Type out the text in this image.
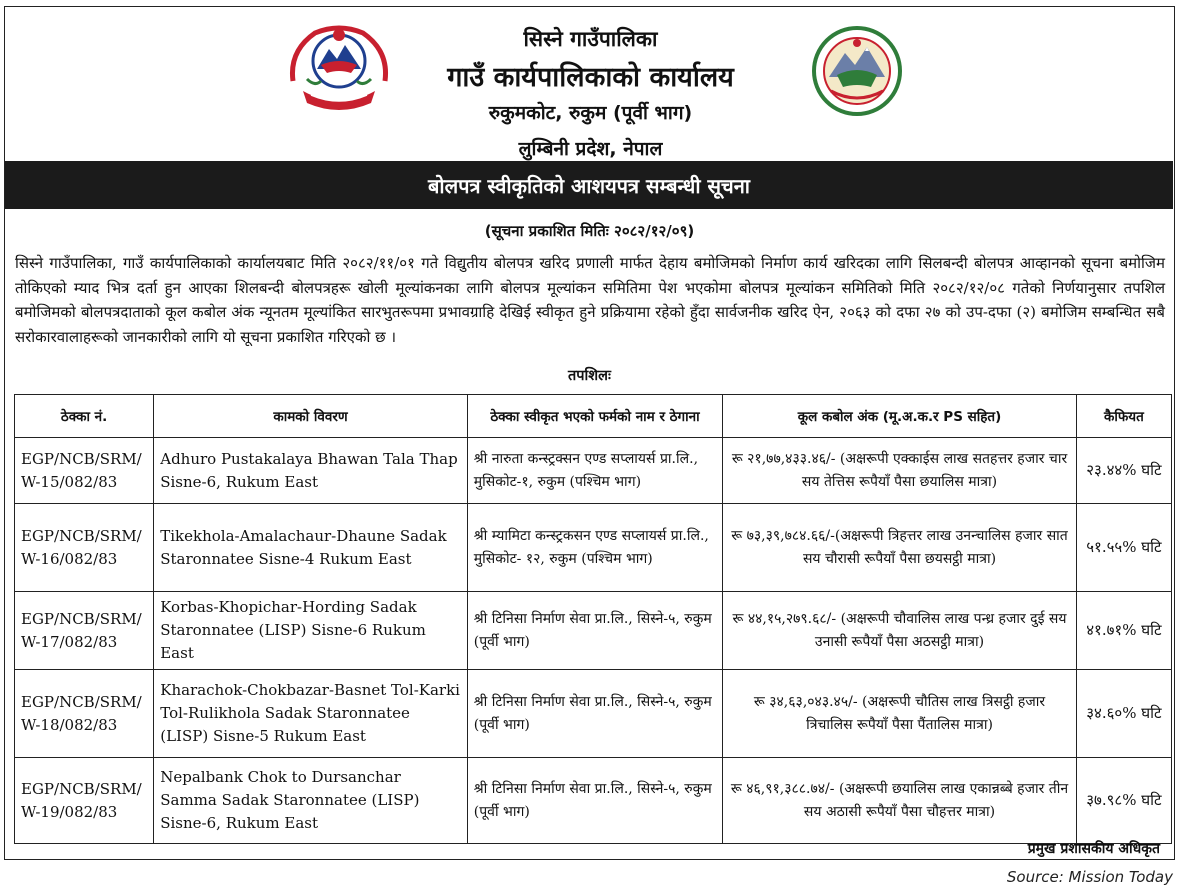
सिस्ने गाउँपालिका
गाउँ कार्यपालिकाको कार्यालय
रुकुमकोट, रुकुम (पूर्वी भाग)
लुम्बिनी प्रदेश, नेपाल
बोलपत्र स्वीकृतिको आशयपत्र सम्बन्धी सूचना
(सूचना प्रकाशित मितिः २०८२/१२/०९)
सिस्ने गाउँपालिका, गाउँ कार्यपालिकाको कार्यालयबाट मिति २०८२/११/०१ गते विद्युतीय बोलपत्र खरिद प्रणाली मार्फत देहाय बमोजिमको निर्माण कार्य खरिदका लागि सिलबन्दी बोलपत्र आव्हानको सूचना बमोजिम तोकिएको म्याद भित्र दर्ता हुन आएका शिलबन्दी बोलपत्रहरू खोली मूल्यांकनका लागि बोलपत्र मूल्यांकन समितिमा पेश भएकोमा बोलपत्र मूल्यांकन समितिको मिति २०८२/१२/०८ गतेको निर्णयानुसार तपशिल बमोजिमको बोलपत्रदाताको कूल कबोल अंक न्यूनतम मूल्यांकित सारभुतरूपमा प्रभावग्राहि देखिई स्वीकृत हुने प्रक्रियामा रहेको हुँदा सार्वजनीक खरिद ऐन, २०६३ को दफा २७ को उप-दफा (२) बमोजिम सम्बन्धित सबै सरोकारवालाहरूको जानकारीको लागि यो सूचना प्रकाशित गरिएको छ ।
तपशिलः
ठेक्का नं.	कामको विवरण	ठेक्का स्वीकृत भएको फर्मको नाम र ठेगाना	कूल कबोल अंक (मू.अ.क.र PS सहित)	कैफियत
EGP/NCB/SRM/ W-15/082/83	Adhuro Pustakalaya Bhawan Tala Thap Sisne-6, Rukum East	श्री नारुता कन्स्ट्रक्सन एण्ड सप्लायर्स प्रा.लि., मुसिकोट-१, रुकुम (पश्चिम भाग)	रू २१,७७,४३३.४६/- (अक्षरूपी एक्काईस लाख सतहत्तर हजार चार सय तेत्तिस रूपैयाँ पैसा छयालिस मात्रा)	२३.४४% घटि
EGP/NCB/SRM/ W-16/082/83	Tikekhola-Amalachaur-Dhaune Sadak Staronnatee Sisne-4 Rukum East	श्री म्यामिटा कन्स्ट्रकसन एण्ड सप्लायर्स प्रा.लि., मुसिकोट- १२, रुकुम (पश्चिम भाग)	रू ७३,३९,७८४.६६/-(अक्षरूपी त्रिहत्तर लाख उनन्चालिस हजार सात सय चौरासी रूपैयाँ पैसा छयसट्ठी मात्रा)	५१.५५% घटि
EGP/NCB/SRM/ W-17/082/83	Korbas-Khopichar-Hording Sadak Staronnatee (LISP) Sisne-6 Rukum East	श्री टिनिसा निर्माण सेवा प्रा.लि., सिस्ने-५, रुकुम (पूर्वी भाग)	रू ४४,१५,२७९.६८/- (अक्षरूपी चौवालिस लाख पन्ध्र हजार दुई सय उनासी रूपैयाँ पैसा अठसट्ठी मात्रा)	४१.७१% घटि
EGP/NCB/SRM/ W-18/082/83	Kharachok-Chokbazar-Basnet Tol-Karki Tol-Rulikhola Sadak Staronnatee (LISP) Sisne-5 Rukum East	श्री टिनिसा निर्माण सेवा प्रा.लि., सिस्ने-५, रुकुम (पूर्वी भाग)	रू ३४,६३,०४३.४५/- (अक्षरूपी चौतिस लाख त्रिसट्ठी हजार त्रिचालिस रूपैयाँ पैसा पैंतालिस मात्रा)	३४.६०% घटि
EGP/NCB/SRM/ W-19/082/83	Nepalbank Chok to Dursanchar Samma Sadak Staronnatee (LISP) Sisne-6, Rukum East	श्री टिनिसा निर्माण सेवा प्रा.लि., सिस्ने-५, रुकुम (पूर्वी भाग)	रू ४६,९१,३८८.७४/- (अक्षरूपी छयालिस लाख एकान्नब्बे हजार तीन सय अठासी रूपैयाँ पैसा चौहत्तर मात्रा)	३७.९८% घटि
प्रमुख प्रशासकीय अधिकृत
Source: Mission Today
